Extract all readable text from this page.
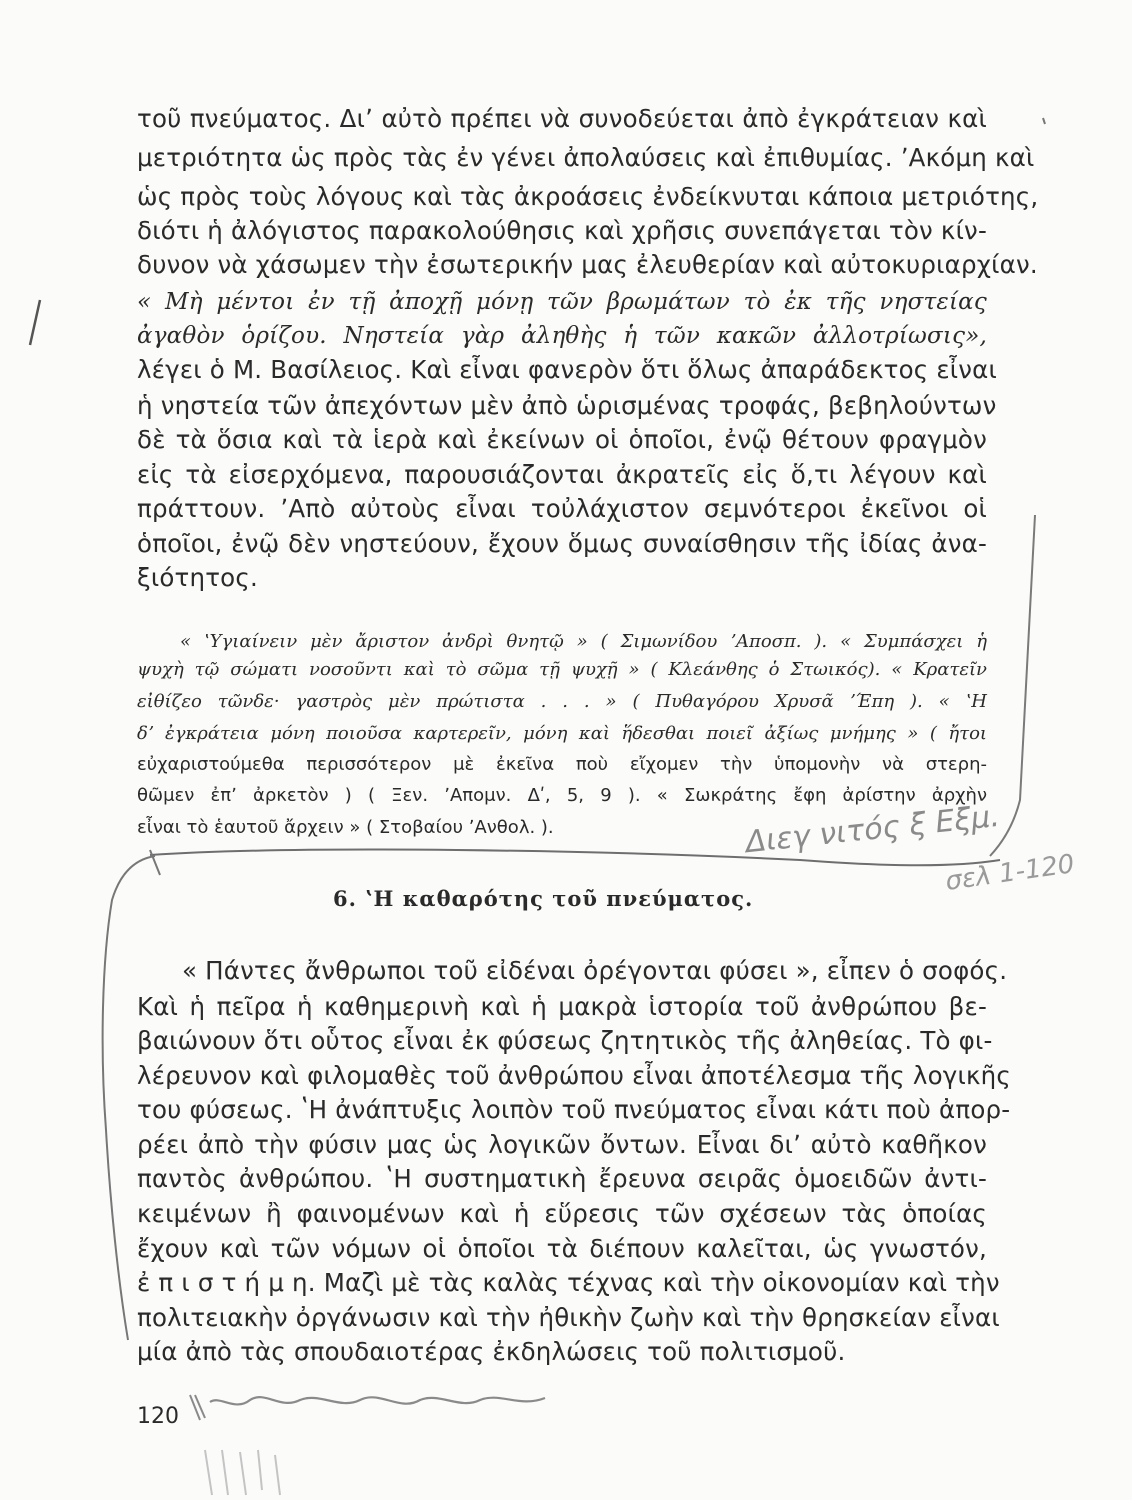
τοῦ πνεύματος. Διʼ αὐτὸ πρέπει νὰ συνοδεύεται ἀπὸ ἐγκράτειαν καὶ
μετριότητα ὡς πρὸς τὰς ἐν γένει ἀπολαύσεις καὶ ἐπιθυμίας. ʼΑκόμη καὶ
ὡς πρὸς τοὺς λόγους καὶ τὰς ἀκροάσεις ἐνδείκνυται κάποια μετριότης,
διότι ἡ ἀλόγιστος παρακολούθησις καὶ χρῆσις συνεπάγεται τὸν κίν-
δυνον νὰ χάσωμεν τὴν ἐσωτερικήν μας ἐλευθερίαν καὶ αὐτοκυριαρχίαν.
« Μὴ μέντοι ἐν τῇ ἀποχῇ μόνῃ τῶν βρωμάτων τὸ ἐκ τῆς νηστείας
ἀγαθὸν ὁρίζου. Νηστεία γὰρ ἀληθὴς ἡ τῶν κακῶν ἀλλοτρίωσις»,
λέγει ὁ Μ. Βασίλειος. Καὶ εἶναι φανερὸν ὅτι ὅλως ἀπαράδεκτος εἶναι
ἡ νηστεία τῶν ἀπεχόντων μὲν ἀπὸ ὡρισμένας τροφάς, βεβηλούντων
δὲ τὰ ὅσια καὶ τὰ ἱερὰ καὶ ἐκείνων οἱ ὁποῖοι, ἐνῷ θέτουν φραγμὸν
εἰς τὰ εἰσερχόμενα, παρουσιάζονται ἀκρατεῖς εἰς ὅ,τι λέγουν καὶ
πράττουν. ʼΑπὸ αὐτοὺς εἶναι τοὐλάχιστον σεμνότεροι ἐκεῖνοι οἱ
ὁποῖοι, ἐνῷ δὲν νηστεύουν, ἔχουν ὅμως συναίσθησιν τῆς ἰδίας ἀνα-
ξιότητος.
« ʽΥγιαίνειν μὲν ἄριστον ἀνδρὶ θνητῷ » ( Σιμωνίδου ʼΑποσπ. ). « Συμπάσχει ἡ
ψυχὴ τῷ σώματι νοσοῦντι καὶ τὸ σῶμα τῇ ψυχῇ » ( Κλεάνθης ὁ Στωικός). « Κρατεῖν
εἰθίζεο τῶνδε· γαστρὸς μὲν πρώτιστα . . . » ( Πυθαγόρου Χρυσᾶ ʼΈπη ). « ʽΗ
δʼ ἐγκράτεια μόνη ποιοῦσα καρτερεῖν, μόνη καὶ ἥδεσθαι ποιεῖ ἀξίως μνήμης » ( ἤτοι
εὐχαριστούμεθα περισσότερον μὲ ἐκεῖνα ποὺ εἴχομεν τὴν ὑπομονὴν νὰ στερη-
θῶμεν ἐπʼ ἀρκετὸν ) ( Ξεν. ʼΑπομν. Δʹ, 5, 9 ). « Σωκράτης ἔφη ἀρίστην ἀρχὴν
εἶναι τὸ ἑαυτοῦ ἄρχειν » ( Στοβαίου ʼΑνθολ. ).
6. ʽΗ καθαρότης τοῦ πνεύματος.
« Πάντες ἄνθρωποι τοῦ εἰδέναι ὀρέγονται φύσει », εἶπεν ὁ σοφός.
Καὶ ἡ πεῖρα ἡ καθημερινὴ καὶ ἡ μακρὰ ἱστορία τοῦ ἀνθρώπου βε-
βαιώνουν ὅτι οὗτος εἶναι ἐκ φύσεως ζητητικὸς τῆς ἀληθείας. Τὸ φι-
λέρευνον καὶ φιλομαθὲς τοῦ ἀνθρώπου εἶναι ἀποτέλεσμα τῆς λογικῆς
του φύσεως. ʽΗ ἀνάπτυξις λοιπὸν τοῦ πνεύματος εἶναι κάτι ποὺ ἀπορ-
ρέει ἀπὸ τὴν φύσιν μας ὡς λογικῶν ὄντων. Εἶναι διʼ αὐτὸ καθῆκον
παντὸς ἀνθρώπου. ʽΗ συστηματικὴ ἔρευνα σειρᾶς ὁμοειδῶν ἀντι-
κειμένων ἢ φαινομένων καὶ ἡ εὕρεσις τῶν σχέσεων τὰς ὁποίας
ἔχουν καὶ τῶν νόμων οἱ ὁποῖοι τὰ διέπουν καλεῖται, ὡς γνωστόν,
ἐ π ι σ τ ή μ η. Μαζὶ μὲ τὰς καλὰς τέχνας καὶ τὴν οἰκονομίαν καὶ τὴν
πολιτειακὴν ὀργάνωσιν καὶ τὴν ἠθικὴν ζωὴν καὶ τὴν θρησκείαν εἶναι
μία ἀπὸ τὰς σπουδαιοτέρας ἐκδηλώσεις τοῦ πολιτισμοῦ.
120
Διεγ νιτός ξ Εξμ.
σελ 1-120
